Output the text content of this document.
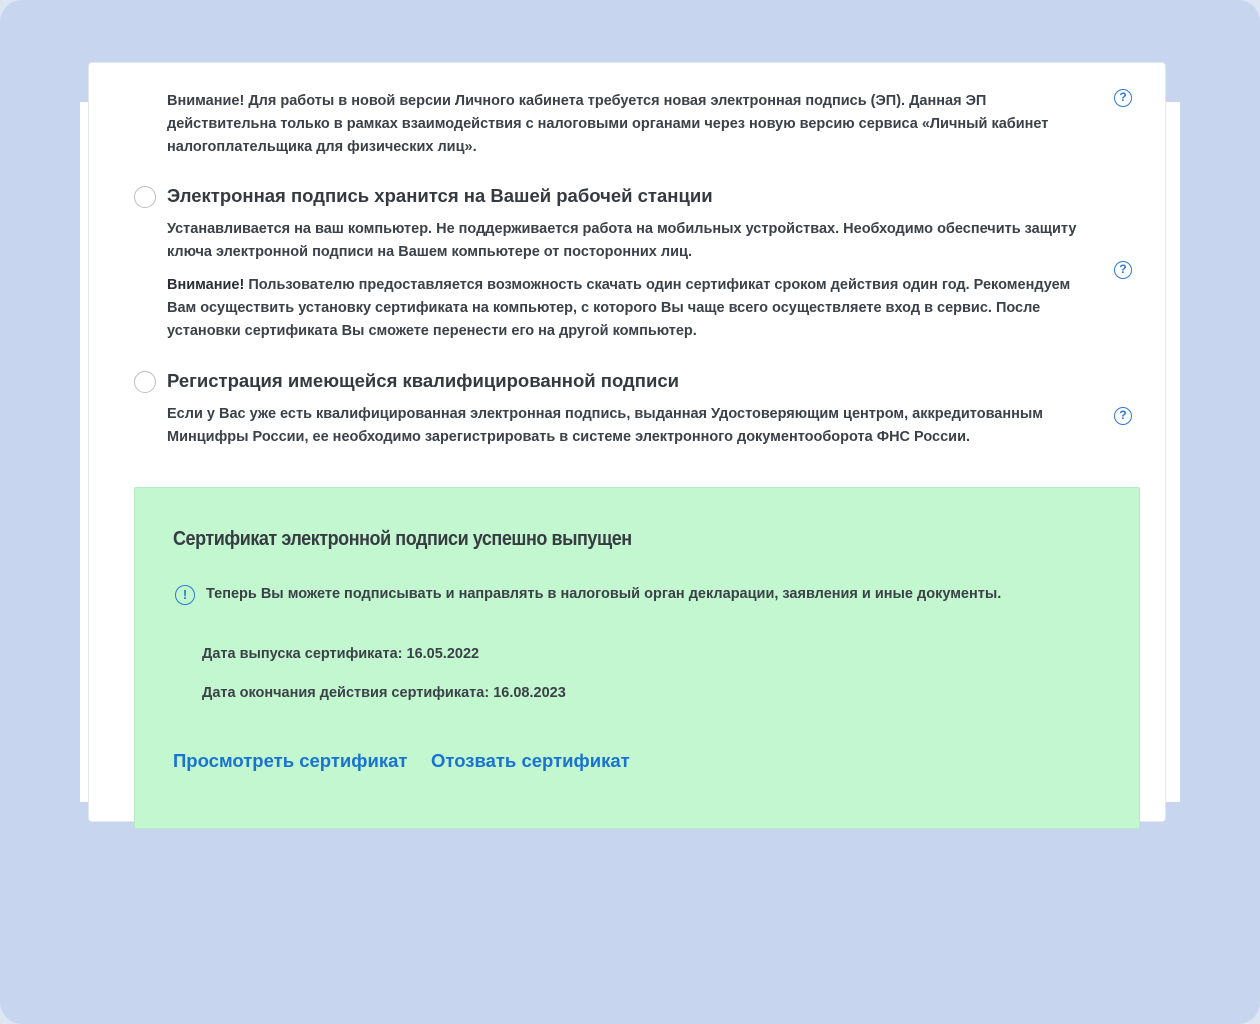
Внимание! Для работы в новой версии Личного кабинета требуется новая электронная подпись (ЭП). Данная ЭП действительна только в рамках взаимодействия с налоговыми органами через новую версию сервиса «Личный кабинет налогоплательщика для физических лиц».

?
Электронная подпись хранится на Вашей рабочей станции

Устанавливается на ваш компьютер. Не поддерживается работа на мобильных устройствах. Необходимо обеспечить защиту ключа электронной подписи на Вашем компьютере от посторонних лиц.

Внимание! Пользователю предоставляется возможность скачать один сертификат сроком действия один год. Рекомендуем Вам осуществить установку сертификата на компьютер, с которого Вы чаще всего осуществляете вход в сервис. После установки сертификата Вы сможете перенести его на другой компьютер.

?
Регистрация имеющейся квалифицированной подписи

Если у Вас уже есть квалифицированная электронная подпись, выданная Удостоверяющим центром, аккредитованным Минцифры России, ее необходимо зарегистрировать в системе электронного документооборота ФНС России.

?
Сертификат электронной подписи успешно выпущен
!	Теперь Вы можете подписывать и направлять в налоговый орган декларации, заявления и иные документы.
Дата выпуска сертификата: 16.05.2022
Дата окончания действия сертификата: 16.08.2023
Просмотреть сертификат Отозвать сертификат
